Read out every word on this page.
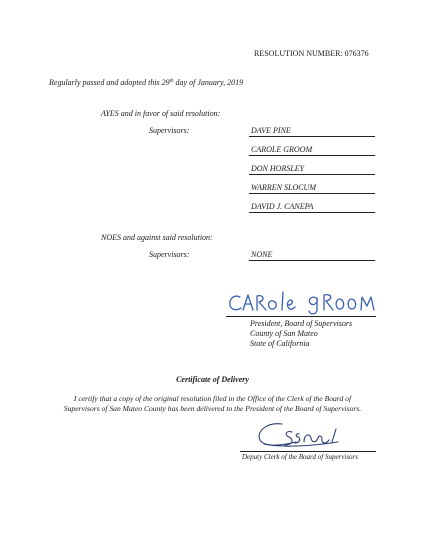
RESOLUTION NUMBER: 076376
Regularly passed and adopted this 29th day of January, 2019
AYES and in favor of said resolution:
Supervisors:	DAVE PINE
CAROLE GROOM
DON HORSLEY
WARREN SLOCUM
DAVID J. CANEPA
NOES and against said resolution:
Supervisors:	NONE
President, Board of Supervisors
County of San Mateo
State of California
Certificate of Delivery
I certify that a copy of the original resolution filed in the Office of the Clerk of the Board of
Supervisors of San Mateo County has been delivered to the President of the Board of Supervisors.
Deputy Clerk of the Board of Supervisors
